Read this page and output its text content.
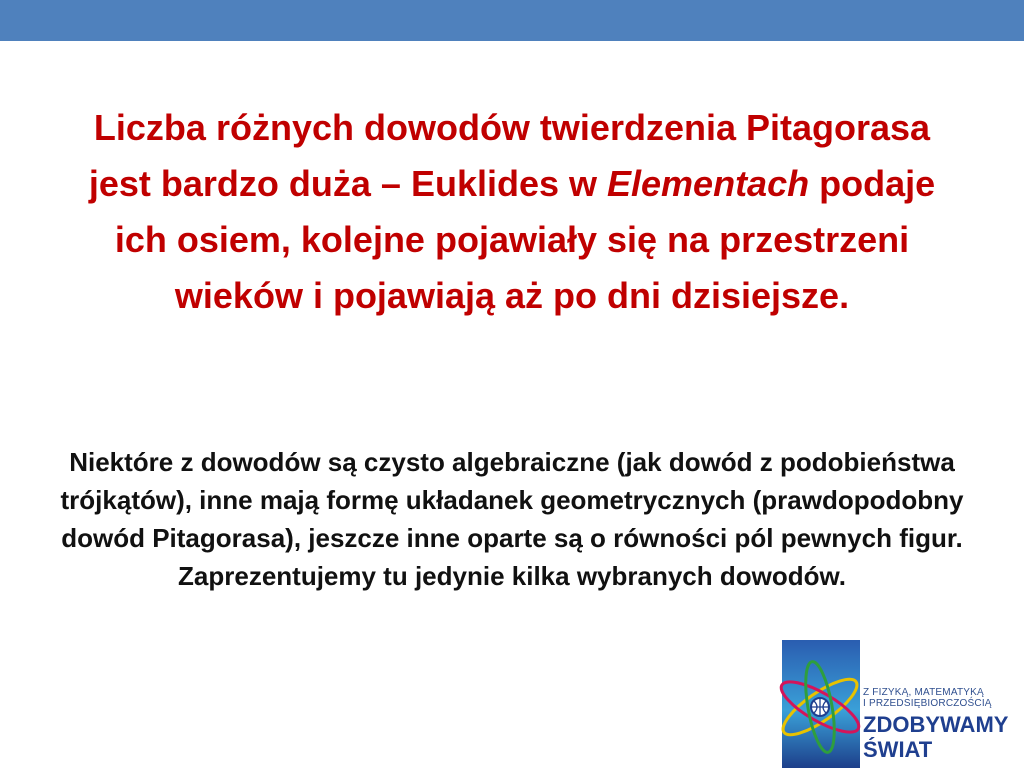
Liczba różnych dowodów twierdzenia Pitagorasa jest bardzo duża – Euklides w Elementach podaje ich osiem, kolejne pojawiały się na przestrzeni wieków i pojawiają aż po dni dzisiejsze.
Niektóre z dowodów są czysto algebraiczne (jak dowód z podobieństwa trójkątów), inne mają formę układanek geometrycznych (prawdopodobny dowód Pitagorasa), jeszcze inne oparte są o równości pól pewnych figur. Zaprezentujemy tu jedynie kilka wybranych dowodów.
Z FIZYKĄ, MATEMATYKĄ
I PRZEDSIĘBIORCZOŚCIĄ
ZDOBYWAMY
ŚWIAT
